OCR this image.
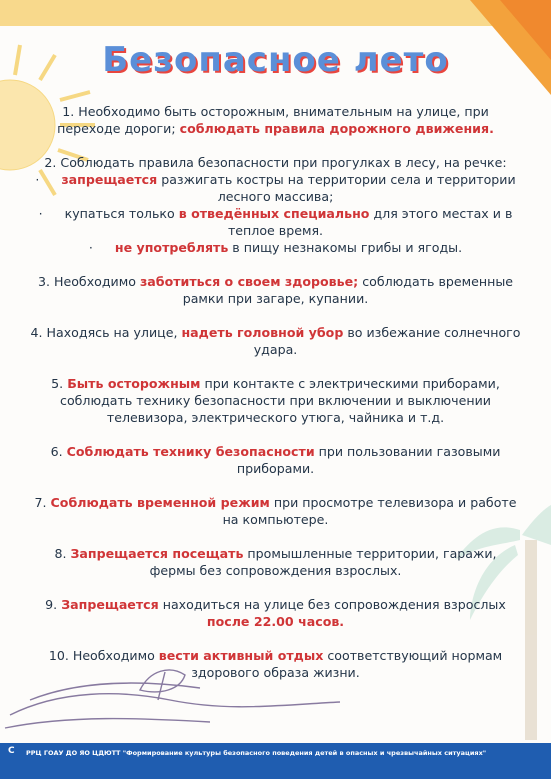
Безопасное лето

1. Необходимо быть осторожным, внимательным на улице, при переходе дороги; соблюдать правила дорожного движения.

2. Соблюдать правила безопасности при прогулках в лесу, на речке:

· запрещается разжигать костры на территории села и территории лесного массива;

· купаться только в отведённых специально для этого местах и в теплое время.

· не употреблять в пищу незнакомы грибы и ягоды.

3. Необходимо заботиться о своем здоровье; соблюдать временные рамки при загаре, купании.

4. Находясь на улице, надеть головной убор во избежание солнечного удара.

5. Быть осторожным при контакте с электрическими приборами, соблюдать технику безопасности при включении и выключении телевизора, электрического утюга, чайника и т.д.

6. Соблюдать технику безопасности при пользовании газовыми приборами.

7. Соблюдать временной режим при просмотре телевизора и работе на компьютере.

8. Запрещается посещать промышленные территории, гаражи, фермы без сопровождения взрослых.

9. Запрещается находиться на улице без сопровождения взрослых после 22.00 часов.

10. Необходимо вести активный отдых соответствующий нормам здорового образа жизни.

C РРЦ ГОАУ ДО ЯО ЦДЮТТ "Формирование культуры безопасного поведения детей в опасных и чрезвычайных ситуациях"
